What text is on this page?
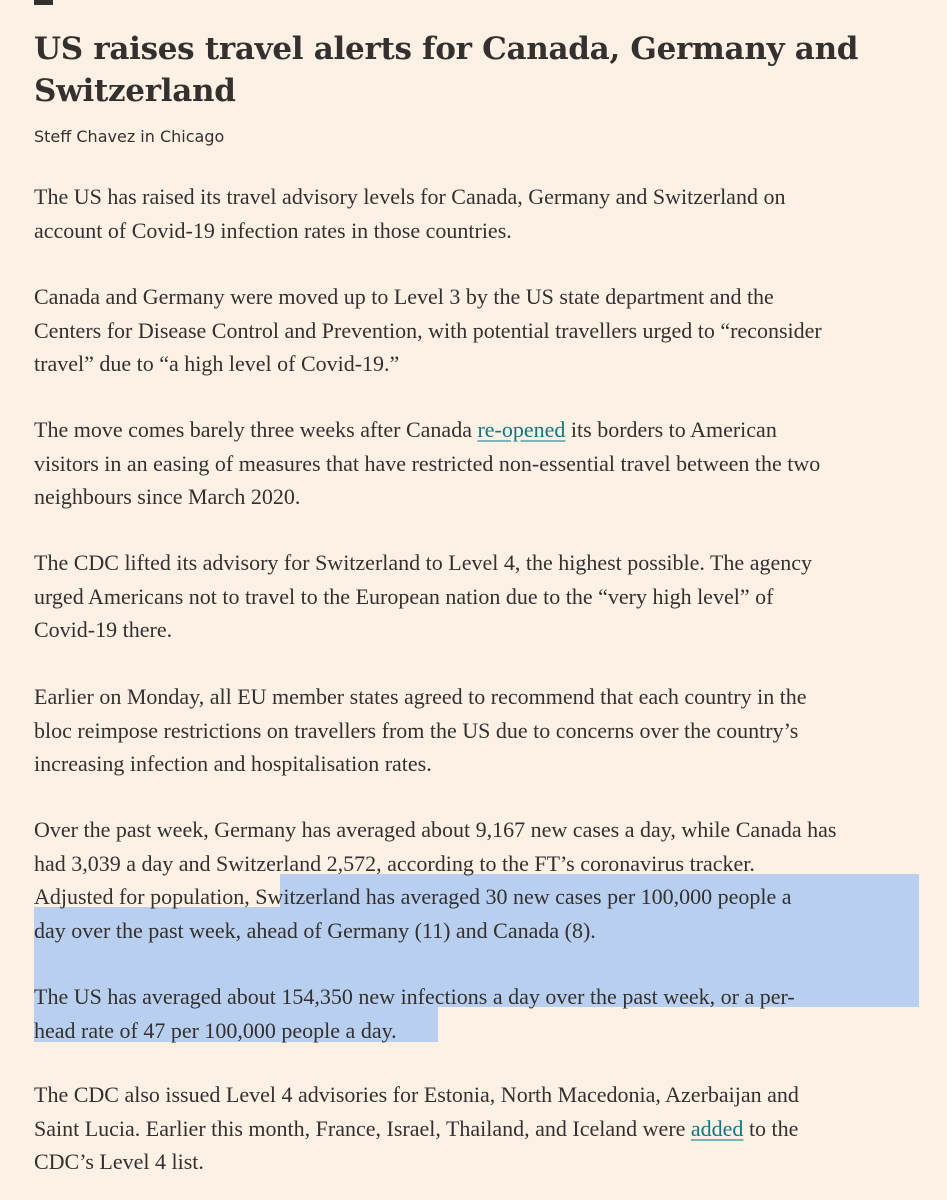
US raises travel alerts for Canada, Germany and Switzerland

Steff Chavez in Chicago

The US has raised its travel advisory levels for Canada, Germany and Switzerland on
account of Covid-19 infection rates in those countries.

Canada and Germany were moved up to Level 3 by the US state department and the
Centers for Disease Control and Prevention, with potential travellers urged to “reconsider
travel” due to “a high level of Covid-19.”

The move comes barely three weeks after Canada re-opened its borders to American
visitors in an easing of measures that have restricted non-essential travel between the two
neighbours since March 2020.

The CDC lifted its advisory for Switzerland to Level 4, the highest possible. The agency
urged Americans not to travel to the European nation due to the “very high level” of
Covid-19 there.

Earlier on Monday, all EU member states agreed to recommend that each country in the
bloc reimpose restrictions on travellers from the US due to concerns over the country’s
increasing infection and hospitalisation rates.

Over the past week, Germany has averaged about 9,167 new cases a day, while Canada has
had 3,039 a day and Switzerland 2,572, according to the FT’s coronavirus tracker.
Adjusted for population, Switzerland has averaged 30 new cases per 100,000 people a
day over the past week, ahead of Germany (11) and Canada (8).

The US has averaged about 154,350 new infections a day over the past week, or a per-
head rate of 47 per 100,000 people a day.

The CDC also issued Level 4 advisories for Estonia, North Macedonia, Azerbaijan and
Saint Lucia. Earlier this month, France, Israel, Thailand, and Iceland were added to the
CDC’s Level 4 list.
